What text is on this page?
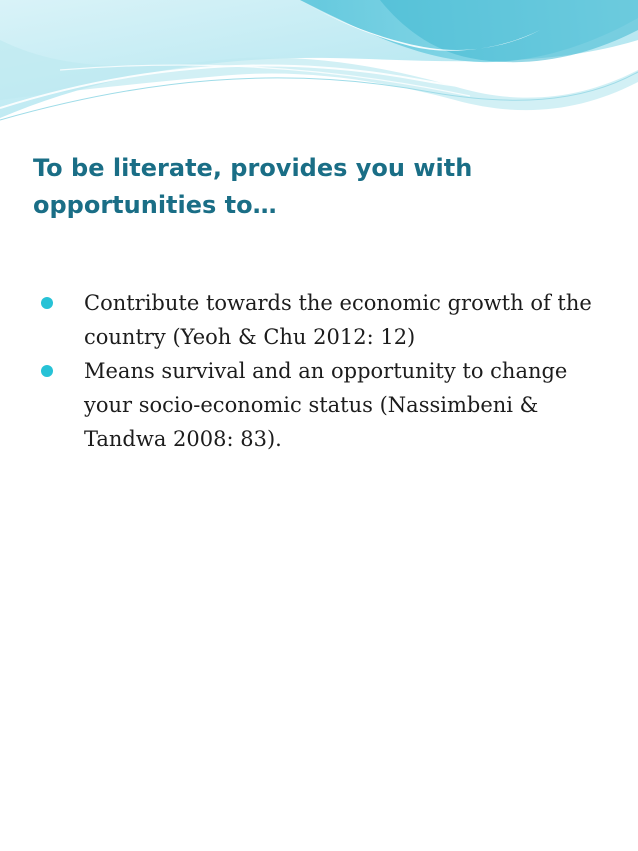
To be literate, provides you with opportunities to…
Contribute towards the economic growth of the country (Yeoh & Chu 2012: 12)
Means survival and an opportunity to change your socio-economic status (Nassimbeni & Tandwa 2008: 83).
